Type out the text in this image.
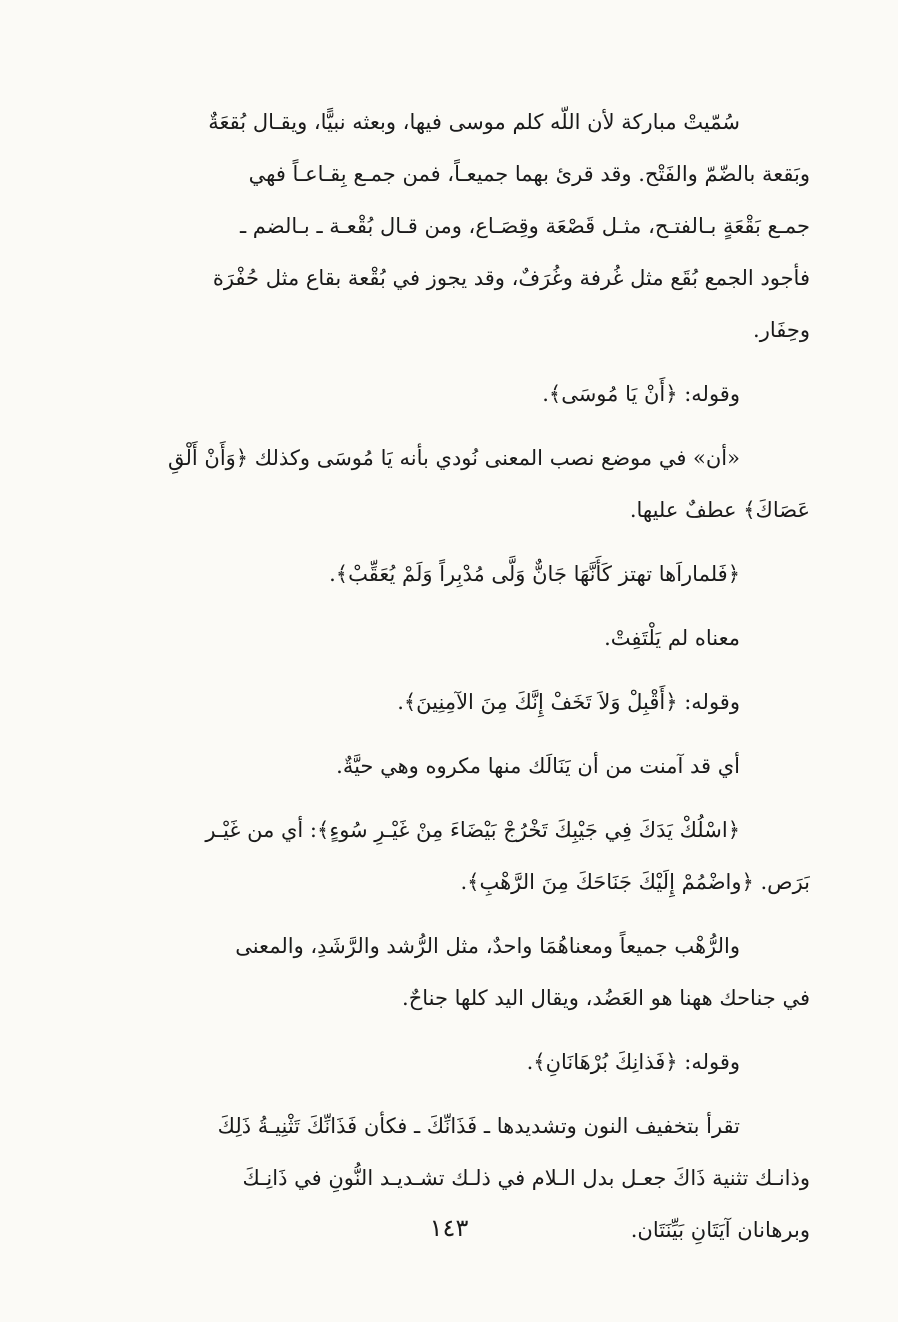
سُمّيتْ مباركة لأن اللّه كلم موسى فيها، وبعثه نبيًّا، ويقـال بُقعَةٌ
وبَقعة بالضّمّ والفَتْح. وقد قرئ بهما جميعـاً، فمن جمـع بِقـاعـاً فهي
جمـع بَقْعَةٍ بـالفتـح، مثـل قَصْعَة وقِصَـاع، ومن قـال بُقْعـة ـ بـالضم ـ
فأجود الجمع بُقَع مثل غُرفة وغُرَفٌ، وقد يجوز في بُقْعة بقاع مثل حُفْرَة
وحِفَار.
وقوله: ﴿أَنْ يَا مُوسَى﴾.
«أن» في موضع نصب المعنى نُودي بأنه يَا مُوسَى وكذلك ﴿وَأَنْ أَلْقِ
عَصَاكَ﴾ عطفٌ عليها.
﴿فَلماراَها تهتز كَأَنَّهَا جَانٌّ وَلَّى مُدْبِراً وَلَمْ يُعَقِّبْ﴾.
معناه لم يَلْتَفِتْ.
وقوله: ﴿أَقْبِلْ وَلاَ تَخَفْ إِنَّكَ مِنَ الآمِنِينَ﴾.
أي قد آمنت من أن يَنَالَك منها مكروه وهي حيَّةٌ.
﴿اسْلُكْ يَدَكَ فِي جَيْبِكَ تَخْرُجْ بَيْضَاءَ مِنْ غَيْـرِ سُوءٍ﴾: أي من غَيْـر
بَرَص. ﴿واضْمُمْ إِلَيْكَ جَنَاحَكَ مِنَ الرَّهْبِ﴾.
والرُّهْب جميعاً ومعناهُمَا واحدٌ، مثل الرُّشد والرَّشَدِ، والمعنى
في جناحك ههنا هو العَضُد، ويقال اليد كلها جناحٌ.
وقوله: ﴿فَذانِكَ بُرْهَانَانِ﴾.
تقرأ بتخفيف النون وتشديدها ـ فَذَانِّكَ ـ فكأن فَذَانِّكَ تَثْنِيـةُ ذَلِكَ
وذانـك تثنية ذَاكَ جعـل بدل الـلام في ذلـك تشـديـد النُّونِ في ذَانِـكَ
وبرهانان آيَتَانِ بَيِّنَتَان.
١٤٣
